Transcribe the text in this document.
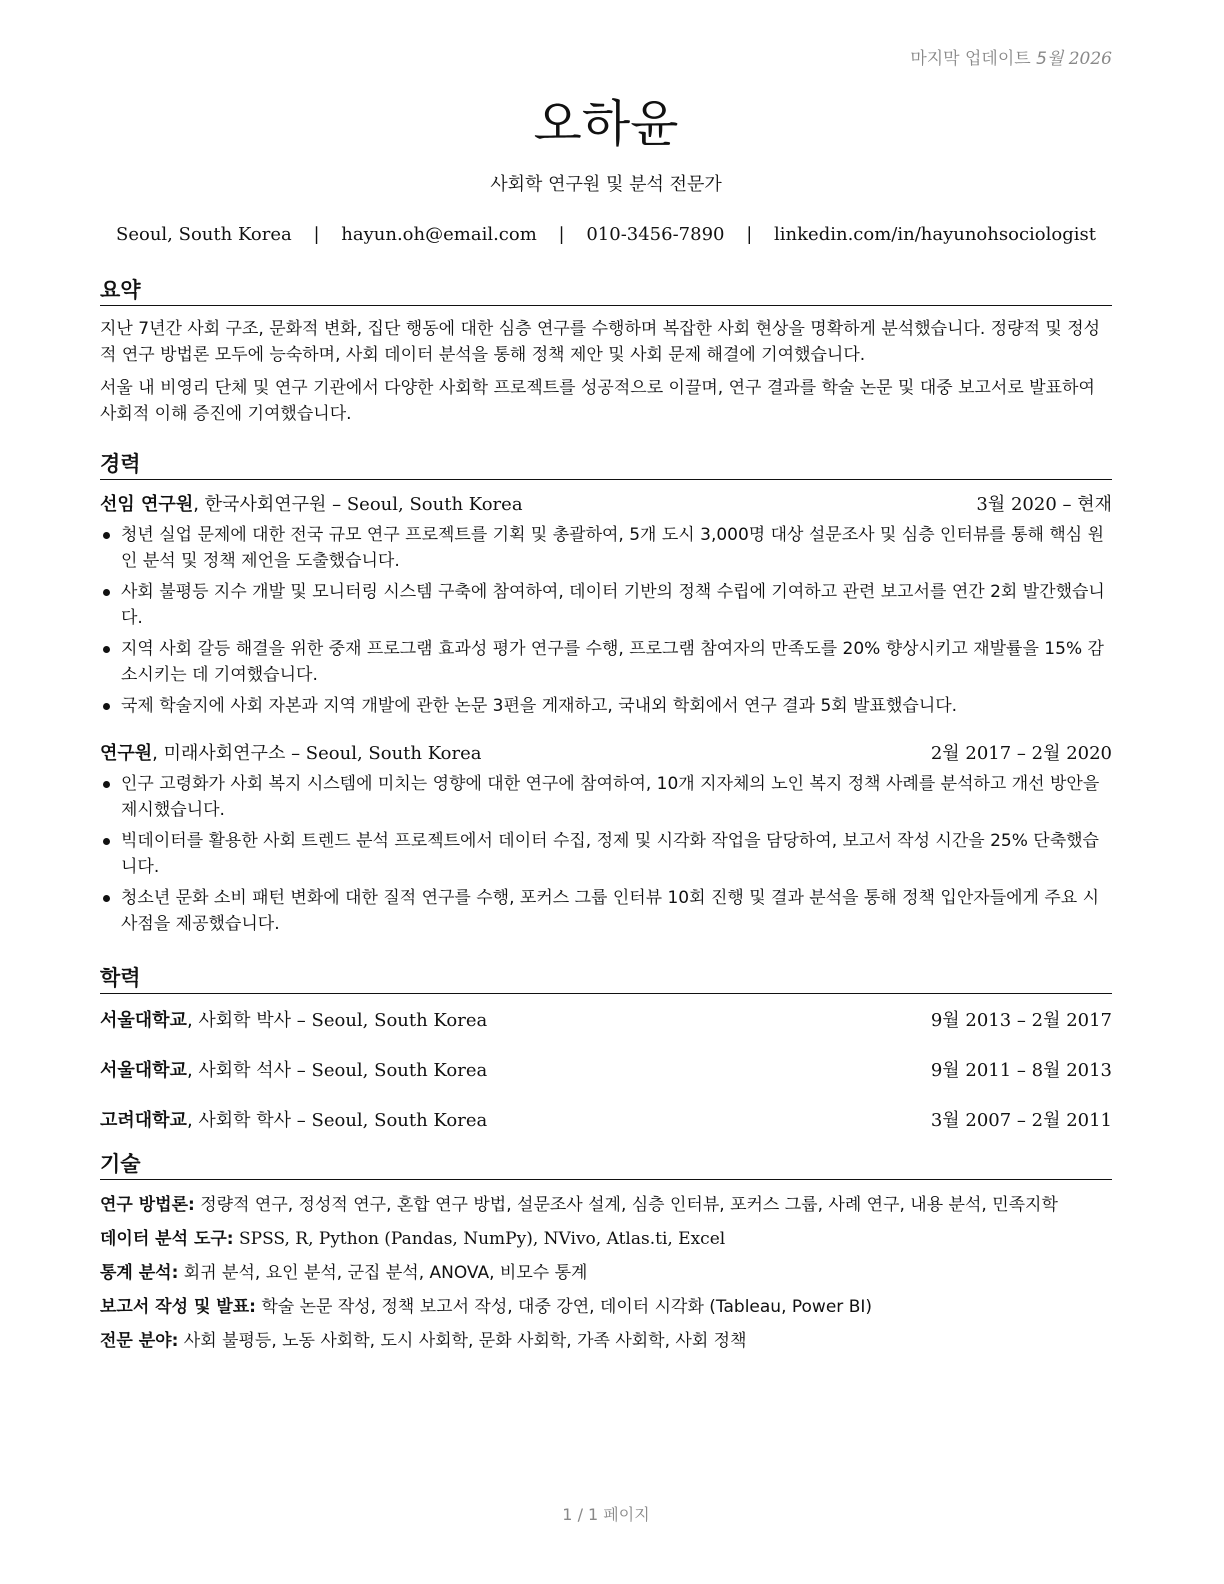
마지막 업데이트 5월 2026
오하윤
사회학 연구원 및 분석 전문가
Seoul, South Korea | hayun.oh@email.com | 010-3456-7890 | linkedin.com/in/hayunohsociologist
요약

지난 7년간 사회 구조, 문화적 변화, 집단 행동에 대한 심층 연구를 수행하며 복잡한 사회 현상을 명확하게 분석했습니다. 정량적 및 정성적 연구 방법론 모두에 능숙하며, 사회 데이터 분석을 통해 정책 제안 및 사회 문제 해결에 기여했습니다.

서울 내 비영리 단체 및 연구 기관에서 다양한 사회학 프로젝트를 성공적으로 이끌며, 연구 결과를 학술 논문 및 대중 보고서로 발표하여 사회적 이해 증진에 기여했습니다.

경력
선임 연구원, 한국사회연구원 – Seoul, South Korea	3월 2020 – 현재
청년 실업 문제에 대한 전국 규모 연구 프로젝트를 기획 및 총괄하여, 5개 도시 3,000명 대상 설문조사 및 심층 인터뷰를 통해 핵심 원인 분석 및 정책 제언을 도출했습니다.
사회 불평등 지수 개발 및 모니터링 시스템 구축에 참여하여, 데이터 기반의 정책 수립에 기여하고 관련 보고서를 연간 2회 발간했습니다.
지역 사회 갈등 해결을 위한 중재 프로그램 효과성 평가 연구를 수행, 프로그램 참여자의 만족도를 20% 향상시키고 재발률을 15% 감소시키는 데 기여했습니다.
국제 학술지에 사회 자본과 지역 개발에 관한 논문 3편을 게재하고, 국내외 학회에서 연구 결과 5회 발표했습니다.
연구원, 미래사회연구소 – Seoul, South Korea	2월 2017 – 2월 2020
인구 고령화가 사회 복지 시스템에 미치는 영향에 대한 연구에 참여하여, 10개 지자체의 노인 복지 정책 사례를 분석하고 개선 방안을 제시했습니다.
빅데이터를 활용한 사회 트렌드 분석 프로젝트에서 데이터 수집, 정제 및 시각화 작업을 담당하여, 보고서 작성 시간을 25% 단축했습니다.
청소년 문화 소비 패턴 변화에 대한 질적 연구를 수행, 포커스 그룹 인터뷰 10회 진행 및 결과 분석을 통해 정책 입안자들에게 주요 시사점을 제공했습니다.
학력
서울대학교, 사회학 박사 – Seoul, South Korea	9월 2013 – 2월 2017
서울대학교, 사회학 석사 – Seoul, South Korea	9월 2011 – 8월 2013
고려대학교, 사회학 학사 – Seoul, South Korea	3월 2007 – 2월 2011
기술
연구 방법론: 정량적 연구, 정성적 연구, 혼합 연구 방법, 설문조사 설계, 심층 인터뷰, 포커스 그룹, 사례 연구, 내용 분석, 민족지학
데이터 분석 도구: SPSS, R, Python (Pandas, NumPy), NVivo, Atlas.ti, Excel
통계 분석: 회귀 분석, 요인 분석, 군집 분석, ANOVA, 비모수 통계
보고서 작성 및 발표: 학술 논문 작성, 정책 보고서 작성, 대중 강연, 데이터 시각화 (Tableau, Power BI)
전문 분야: 사회 불평등, 노동 사회학, 도시 사회학, 문화 사회학, 가족 사회학, 사회 정책
1 / 1 페이지
